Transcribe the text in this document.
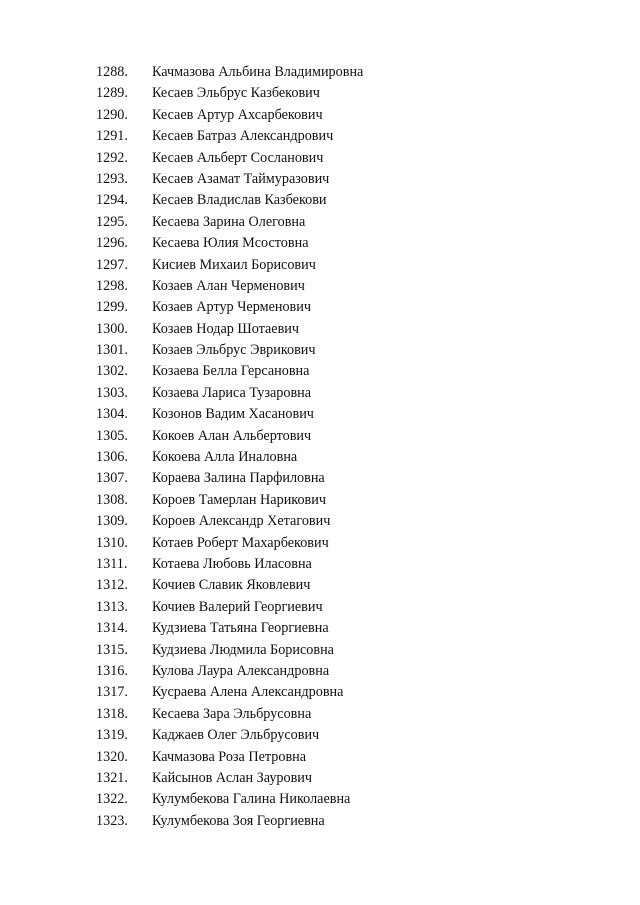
1288.	Качмазова Альбина Владимировна
1289.	Кесаев Эльбрус Казбекович
1290.	Кесаев Артур Ахсарбекович
1291.	Кесаев Батраз Александрович
1292.	Кесаев Альберт Сосланович
1293.	Кесаев Азамат Таймуразович
1294.	Кесаев Владислав Казбекови
1295.	Кесаева Зарина Олеговна
1296.	Кесаева Юлия Мсостовна
1297.	Кисиев Михаил Борисович
1298.	Козаев Алан Черменович
1299.	Козаев Артур Черменович
1300.	Козаев Нодар Шотаевич
1301.	Козаев Эльбрус Эврикович
1302.	Козаева Белла Герсановна
1303.	Козаева Лариса Тузаровна
1304.	Козонов Вадим Хасанович
1305.	Кокоев Алан Альбертович
1306.	Кокоева Алла Иналовна
1307.	Кораева Залина Парфиловна
1308.	Короев Тамерлан Нарикович
1309.	Короев Александр Хетагович
1310.	Котаев Роберт Махарбекович
1311.	Котаева Любовь Иласовна
1312.	Кочиев Славик Яковлевич
1313.	Кочиев Валерий Георгиевич
1314.	Кудзиева Татьяна Георгиевна
1315.	Кудзиева Людмила Борисовна
1316.	Кулова Лаура Александровна
1317.	Кусраева Алена Александровна
1318.	Кесаева Зара Эльбрусовна
1319.	Каджаев Олег Эльбрусович
1320.	Качмазова Роза Петровна
1321.	Кайсынов Аслан Заурович
1322.	Кулумбекова Галина Николаевна
1323.	Кулумбекова Зоя Георгиевна
